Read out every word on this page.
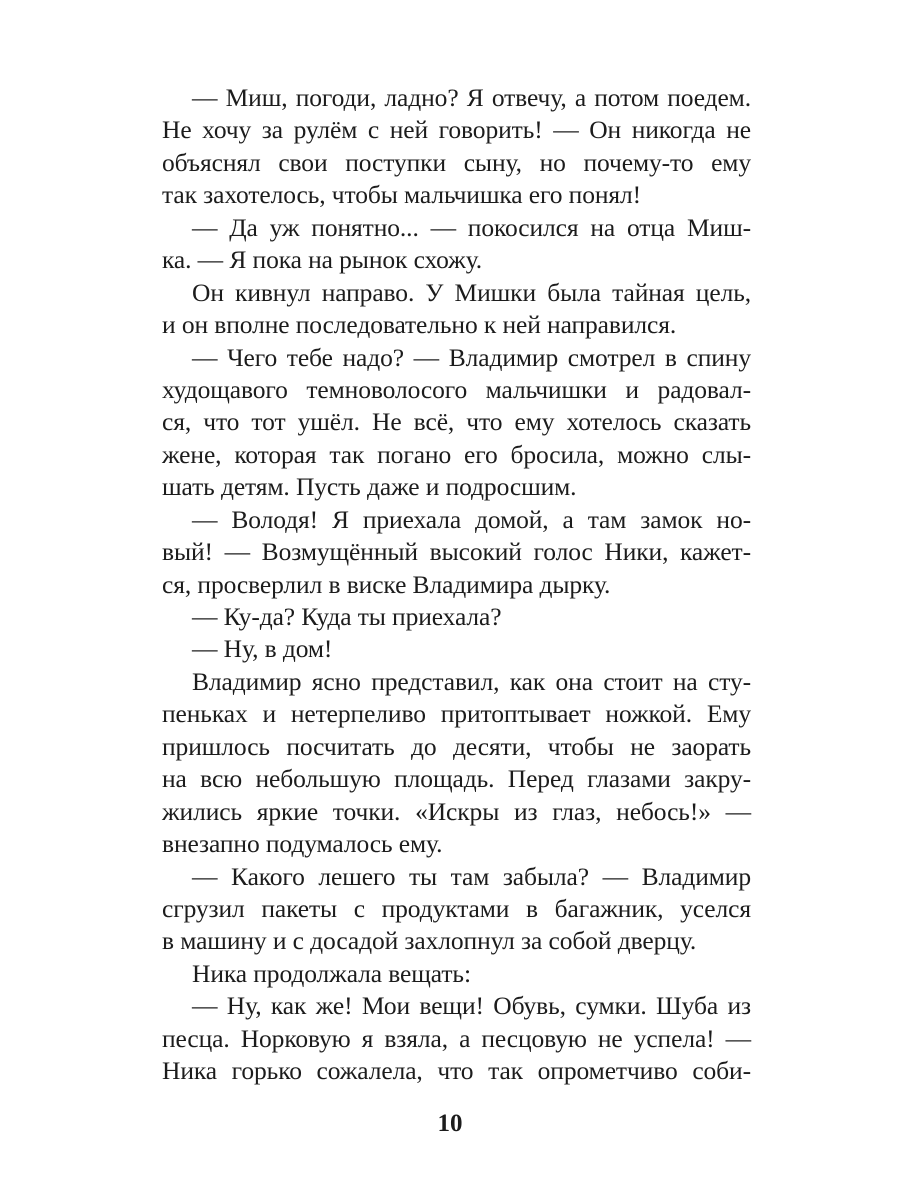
— Миш, погоди, ладно? Я отвечу, а потом поедем.
Не хочу за рулём с ней говорить! — Он никогда не
объяснял свои поступки сыну, но почему-то ему
так захотелось, чтобы мальчишка его понял!
— Да уж понятно... — покосился на отца Миш-
ка. — Я пока на рынок схожу.
Он кивнул направо. У Мишки была тайная цель,
и он вполне последовательно к ней направился.
— Чего тебе надо? — Владимир смотрел в спину
худощавого темноволосого мальчишки и радовал-
ся, что тот ушёл. Не всё, что ему хотелось сказать
жене, которая так погано его бросила, можно слы-
шать детям. Пусть даже и подросшим.
— Володя! Я приехала домой, а там замок но-
вый! — Возмущённый высокий голос Ники, кажет-
ся, просверлил в виске Владимира дырку.
— Ку-да? Куда ты приехала?
— Ну, в дом!
Владимир ясно представил, как она стоит на сту-
пеньках и нетерпеливо притоптывает ножкой. Ему
пришлось посчитать до десяти, чтобы не заорать
на всю небольшую площадь. Перед глазами закру-
жились яркие точки. «Искры из глаз, небось!» —
внезапно подумалось ему.
— Какого лешего ты там забыла? — Владимир
сгрузил пакеты с продуктами в багажник, уселся
в машину и с досадой захлопнул за собой дверцу.
Ника продолжала вещать:
— Ну, как же! Мои вещи! Обувь, сумки. Шуба из
песца. Норковую я взяла, а песцовую не успела! —
Ника горько сожалела, что так опрометчиво соби-
10
